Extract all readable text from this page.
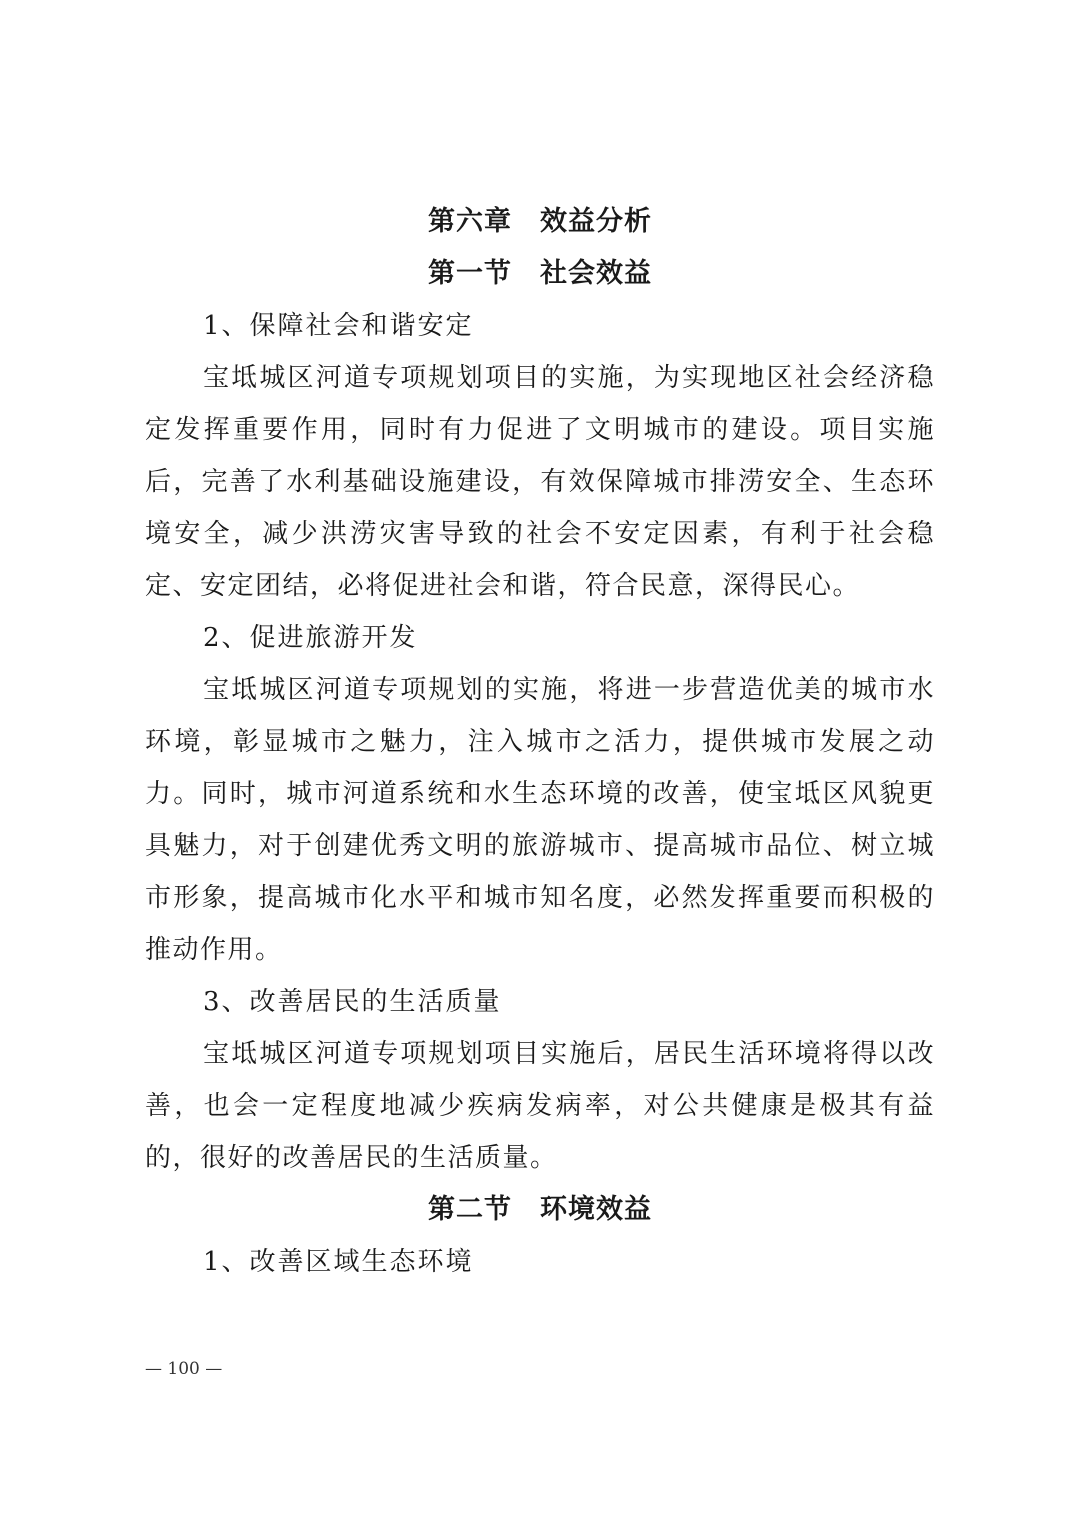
第六章 效益分析
第一节 社会效益
1、保障社会和谐安定

宝坻城区河道专项规划项目的实施，为实现地区社会经济稳定发挥重要作用，同时有力促进了文明城市的建设。项目实施后，完善了水利基础设施建设，有效保障城市排涝安全、生态环境安全，减少洪涝灾害导致的社会不安定因素，有利于社会稳定、安定团结，必将促进社会和谐，符合民意，深得民心。

2、促进旅游开发

宝坻城区河道专项规划的实施，将进一步营造优美的城市水环境，彰显城市之魅力，注入城市之活力，提供城市发展之动力。同时，城市河道系统和水生态环境的改善，使宝坻区风貌更具魅力，对于创建优秀文明的旅游城市、提高城市品位、树立城市形象，提高城市化水平和城市知名度，必然发挥重要而积极的推动作用。

3、改善居民的生活质量

宝坻城区河道专项规划项目实施后，居民生活环境将得以改善，也会一定程度地减少疾病发病率，对公共健康是极其有益的，很好的改善居民的生活质量。

第二节 环境效益
1、改善区域生态环境
— 100 —
